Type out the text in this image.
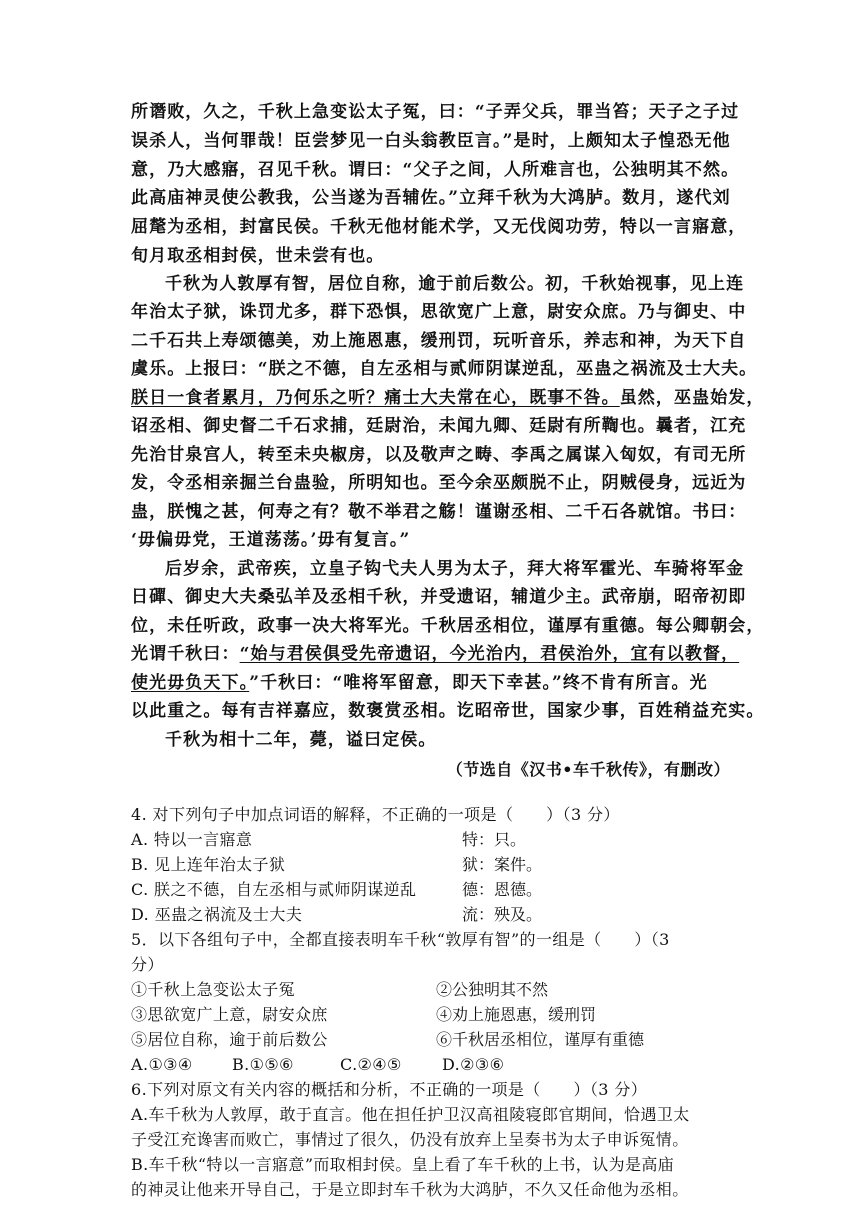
所谮败，久之，千秋上急变讼太子冤，曰：“子弄父兵，罪当笞；天子之子过
误杀人，当何罪哉！臣尝梦见一白头翁教臣言。”是时，上颇知太子惶恐无他
意，乃大感寤，召见千秋。谓曰：“父子之间，人所难言也，公独明其不然。
此高庙神灵使公教我，公当遂为吾辅佐。”立拜千秋为大鸿胪。数月，遂代刘
屈氂为丞相，封富民侯。千秋无他材能术学，又无伐阅功劳，特以一言寤意，
旬月取丞相封侯，世未尝有也。
千秋为人敦厚有智，居位自称，逾于前后数公。初，千秋始视事，见上连
年治太子狱，诛罚尤多，群下恐惧，思欲宽广上意，尉安众庶。乃与御史、中
二千石共上寿颂德美，劝上施恩惠，缓刑罚，玩听音乐，养志和神，为天下自
虞乐。上报曰：“朕之不德，自左丞相与贰师阴谋逆乱，巫蛊之祸流及士大夫。
朕日一食者累月，乃何乐之听？痛士大夫常在心，既事不咎。虽然，巫蛊始发，
诏丞相、御史督二千石求捕，廷尉治，未闻九卿、廷尉有所鞫也。曩者，江充
先治甘泉宫人，转至未央椒房，以及敬声之畴、李禹之属谋入匈奴，有司无所
发，令丞相亲掘兰台蛊验，所明知也。至今余巫颇脱不止，阴贼侵身，远近为
蛊，朕愧之甚，何寿之有？敬不举君之觞！谨谢丞相、二千石各就馆。书曰：
‘毋偏毋党，王道荡荡。’毋有复言。”
后岁余，武帝疾，立皇子钩弋夫人男为太子，拜大将军霍光、车骑将军金
日磾、御史大夫桑弘羊及丞相千秋，并受遗诏，辅道少主。武帝崩，昭帝初即
位，未任听政，政事一决大将军光。千秋居丞相位，谨厚有重德。每公卿朝会，
光谓千秋曰：“始与君侯俱受先帝遗诏，今光治内，君侯治外，宜有以教督，
使光毋负天下。”千秋曰：“唯将军留意，即天下幸甚。”终不肯有所言。光
以此重之。每有吉祥嘉应，数褒赏丞相。讫昭帝世，国家少事，百姓稍益充实。
千秋为相十二年，薨，谥曰定侯。
（节选自《汉书•车千秋传》，有删改）
4. 对下列句子中加点词语的解释，不正确的一项是（　　）（3 分）
A. 特以一言寤意	特：只。
B. 见上连年治太子狱	狱：案件。
C. 朕之不德，自左丞相与贰师阴谋逆乱	德：恩德。
D. 巫蛊之祸流及士大夫	流：殃及。
5．以下各组句子中，全都直接表明车千秋“敦厚有智”的一组是（　　）（3
分）
①千秋上急变讼太子冤	②公独明其不然
③思欲宽广上意，尉安众庶	④劝上施恩惠，缓刑罚
⑤居位自称，逾于前后数公	⑥千秋居丞相位，谨厚有重德
A.①③④ B.①⑤⑥	C.②④⑤	D.②③⑥
6.下列对原文有关内容的概括和分析，不正确的一项是（　　）（3 分）
A.车千秋为人敦厚，敢于直言。他在担任护卫汉高祖陵寝郎官期间，恰遇卫太
子受江充谗害而败亡，事情过了很久，仍没有放弃上呈奏书为太子申诉冤情。
B.车千秋“特以一言寤意”而取相封侯。皇上看了车千秋的上书，认为是高庙
的神灵让他来开导自己，于是立即封车千秋为大鸿胪，不久又任命他为丞相。
